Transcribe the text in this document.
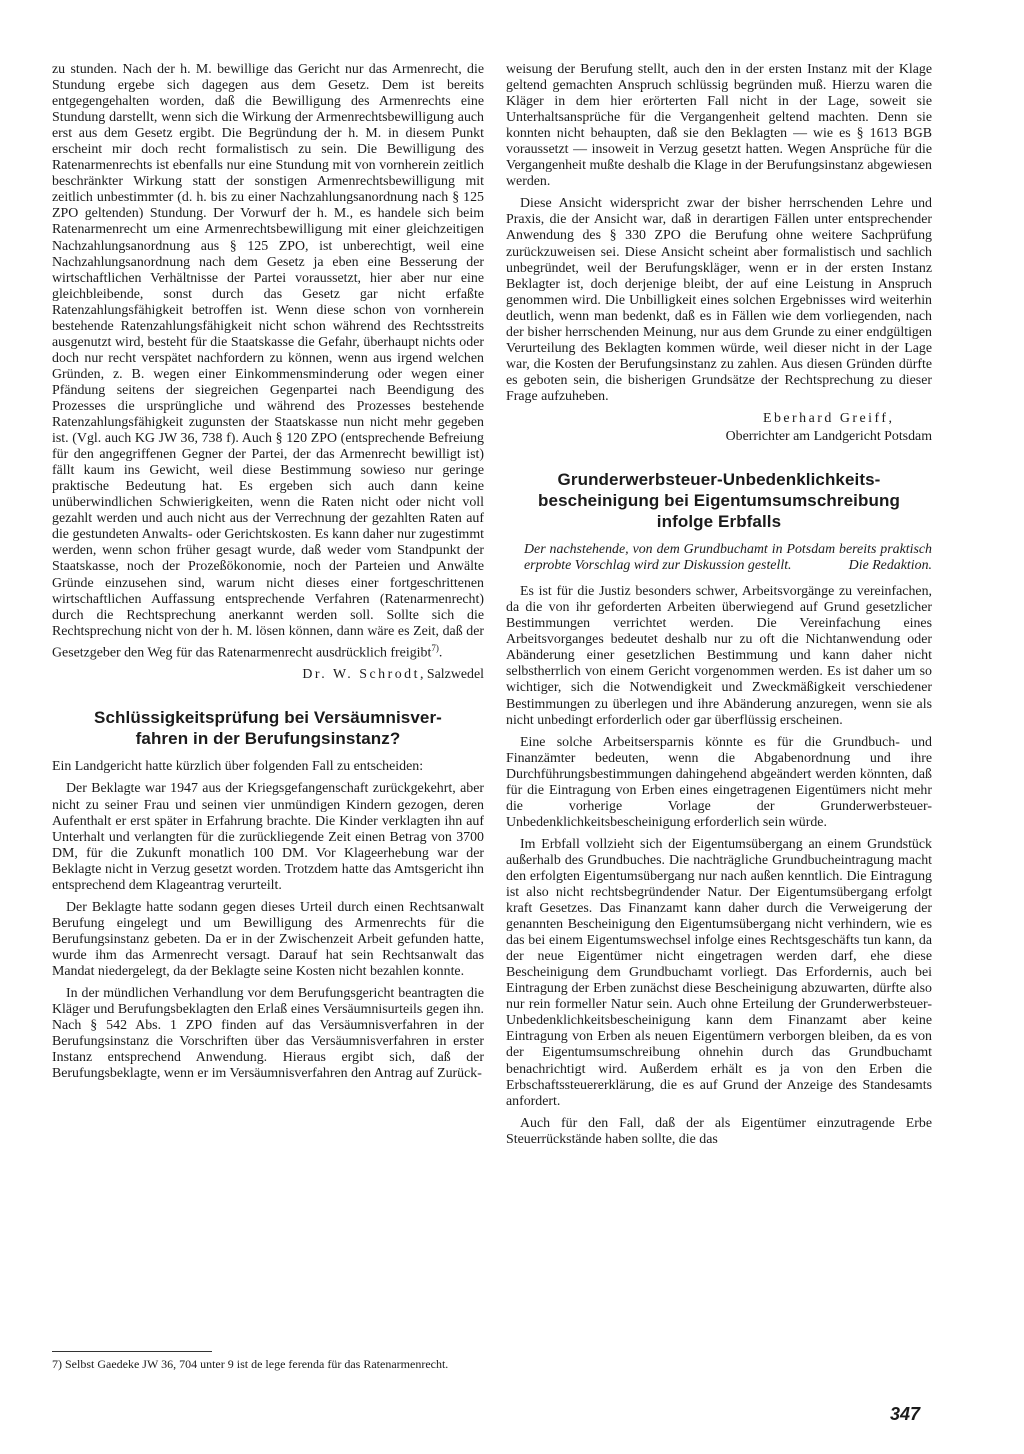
zu stunden. Nach der h. M. bewillige das Gericht nur das Armenrecht, die Stundung ergebe sich dagegen aus dem Gesetz. Dem ist bereits entgegengehalten worden, daß die Bewilligung des Armenrechts eine Stundung darstellt, wenn sich die Wirkung der Armenrechtsbewilligung auch erst aus dem Gesetz ergibt. Die Begründung der h. M. in diesem Punkt erscheint mir doch recht formalistisch zu sein. Die Bewilligung des Ratenarmenrechts ist ebenfalls nur eine Stundung mit von vornherein zeitlich beschränkter Wirkung statt der sonstigen Armenrechtsbewilligung mit zeitlich unbestimmter (d. h. bis zu einer Nachzahlungsanordnung nach § 125 ZPO geltenden) Stundung. Der Vorwurf der h. M., es handele sich beim Ratenarmenrecht um eine Armenrechtsbewilligung mit einer gleichzeitigen Nachzahlungsanordnung aus § 125 ZPO, ist unberechtigt, weil eine Nachzahlungsanordnung nach dem Gesetz ja eben eine Besserung der wirtschaftlichen Verhältnisse der Partei voraussetzt, hier aber nur eine gleichbleibende, sonst durch das Gesetz gar nicht erfaßte Ratenzahlungsfähigkeit betroffen ist. Wenn diese schon von vornherein bestehende Ratenzahlungsfähigkeit nicht schon während des Rechtsstreits ausgenutzt wird, besteht für die Staatskasse die Gefahr, überhaupt nichts oder doch nur recht verspätet nachfordern zu können, wenn aus irgend welchen Gründen, z. B. wegen einer Einkommensminderung oder wegen einer Pfändung seitens der siegreichen Gegenpartei nach Beendigung des Prozesses die ursprüngliche und während des Prozesses bestehende Ratenzahlungsfähigkeit zugunsten der Staatskasse nun nicht mehr gegeben ist. (Vgl. auch KG JW 36, 738 f). Auch § 120 ZPO (entsprechende Befreiung für den angegriffenen Gegner der Partei, der das Armenrecht bewilligt ist) fällt kaum ins Gewicht, weil diese Bestimmung sowieso nur geringe praktische Bedeutung hat. Es ergeben sich auch dann keine unüberwindlichen Schwierigkeiten, wenn die Raten nicht oder nicht voll gezahlt werden und auch nicht aus der Verrechnung der gezahlten Raten auf die gestundeten Anwalts- oder Gerichtskosten. Es kann daher nur zugestimmt werden, wenn schon früher gesagt wurde, daß weder vom Standpunkt der Staatskasse, noch der Prozeßökonomie, noch der Parteien und Anwälte Gründe einzusehen sind, warum nicht dieses einer fortgeschrittenen wirtschaftlichen Auffassung entsprechende Verfahren (Ratenarmenrecht) durch die Rechtsprechung anerkannt werden soll. Sollte sich die Rechtsprechung nicht von der h. M. lösen können, dann wäre es Zeit, daß der Gesetzgeber den Weg für das Ratenarmenrecht ausdrücklich freigibt$^{7)}$.

Dr. W. Schrodt, Salzwedel
Schlüssigkeitsprüfung bei Versäumnisver-
fahren in der Berufungsinstanz?

Ein Landgericht hatte kürzlich über folgenden Fall zu entscheiden:

Der Beklagte war 1947 aus der Kriegsgefangenschaft zurückgekehrt, aber nicht zu seiner Frau und seinen vier unmündigen Kindern gezogen, deren Aufenthalt er erst später in Erfahrung brachte. Die Kinder verklagten ihn auf Unterhalt und verlangten für die zurückliegende Zeit einen Betrag von 3700 DM, für die Zukunft monatlich 100 DM. Vor Klageerhebung war der Beklagte nicht in Verzug gesetzt worden. Trotzdem hatte das Amtsgericht ihn entsprechend dem Klageantrag verurteilt.

Der Beklagte hatte sodann gegen dieses Urteil durch einen Rechtsanwalt Berufung eingelegt und um Bewilligung des Armenrechts für die Berufungsinstanz gebeten. Da er in der Zwischenzeit Arbeit gefunden hatte, wurde ihm das Armenrecht versagt. Darauf hat sein Rechtsanwalt das Mandat niedergelegt, da der Beklagte seine Kosten nicht bezahlen konnte.

In der mündlichen Verhandlung vor dem Berufungsgericht beantragten die Kläger und Berufungsbeklagten den Erlaß eines Versäumnisurteils gegen ihn. Nach § 542 Abs. 1 ZPO finden auf das Versäumnisverfahren in der Berufungsinstanz die Vorschriften über das Versäumnisverfahren in erster Instanz entsprechend Anwendung. Hieraus ergibt sich, daß der Berufungsbeklagte, wenn er im Versäumnisverfahren den Antrag auf Zurück-

7) Selbst Gaedeke JW 36, 704 unter 9 ist de lege ferenda für das Ratenarmenrecht.

weisung der Berufung stellt, auch den in der ersten Instanz mit der Klage geltend gemachten Anspruch schlüssig begründen muß. Hierzu waren die Kläger in dem hier erörterten Fall nicht in der Lage, soweit sie Unterhaltsansprüche für die Vergangenheit geltend machten. Denn sie konnten nicht behaupten, daß sie den Beklagten — wie es § 1613 BGB voraussetzt — insoweit in Verzug gesetzt hatten. Wegen Ansprüche für die Vergangenheit mußte deshalb die Klage in der Berufungsinstanz abgewiesen werden.

Diese Ansicht widerspricht zwar der bisher herrschenden Lehre und Praxis, die der Ansicht war, daß in derartigen Fällen unter entsprechender Anwendung des § 330 ZPO die Berufung ohne weitere Sachprüfung zurückzuweisen sei. Diese Ansicht scheint aber formalistisch und sachlich unbegründet, weil der Berufungskläger, wenn er in der ersten Instanz Beklagter ist, doch derjenige bleibt, der auf eine Leistung in Anspruch genommen wird. Die Unbilligkeit eines solchen Ergebnisses wird weiterhin deutlich, wenn man bedenkt, daß es in Fällen wie dem vorliegenden, nach der bisher herrschenden Meinung, nur aus dem Grunde zu einer endgültigen Verurteilung des Beklagten kommen würde, weil dieser nicht in der Lage war, die Kosten der Berufungsinstanz zu zahlen. Aus diesen Gründen dürfte es geboten sein, die bisherigen Grundsätze der Rechtsprechung zu dieser Frage aufzuheben.

Eberhard Greiff,
Oberrichter am Landgericht Potsdam
Grunderwerbsteuer-Unbedenklichkeits-
bescheinigung bei Eigentumsumschreibung
infolge Erbfalls
Der nachstehende, von dem Grundbuchamt in Potsdam bereits praktisch erprobte Vorschlag wird zur Diskussion gestellt.	Die Redaktion.

Es ist für die Justiz besonders schwer, Arbeitsvorgänge zu vereinfachen, da die von ihr geforderten Arbeiten überwiegend auf Grund gesetzlicher Bestimmungen verrichtet werden. Die Vereinfachung eines Arbeitsvorganges bedeutet deshalb nur zu oft die Nichtanwendung oder Abänderung einer gesetzlichen Bestimmung und kann daher nicht selbstherrlich von einem Gericht vorgenommen werden. Es ist daher um so wichtiger, sich die Notwendigkeit und Zweckmäßigkeit verschiedener Bestimmungen zu überlegen und ihre Abänderung anzuregen, wenn sie als nicht unbedingt erforderlich oder gar überflüssig erscheinen.

Eine solche Arbeitsersparnis könnte es für die Grundbuch- und Finanzämter bedeuten, wenn die Abgabenordnung und ihre Durchführungsbestimmungen dahingehend abgeändert werden könnten, daß für die Eintragung von Erben eines eingetragenen Eigentümers nicht mehr die vorherige Vorlage der Grunderwerbsteuer-Unbedenklichkeitsbescheinigung erforderlich sein würde.

Im Erbfall vollzieht sich der Eigentumsübergang an einem Grundstück außerhalb des Grundbuches. Die nachträgliche Grundbucheintragung macht den erfolgten Eigentumsübergang nur nach außen kenntlich. Die Eintragung ist also nicht rechtsbegründender Natur. Der Eigentumsübergang erfolgt kraft Gesetzes. Das Finanzamt kann daher durch die Verweigerung der genannten Bescheinigung den Eigentumsübergang nicht verhindern, wie es das bei einem Eigentumswechsel infolge eines Rechtsgeschäfts tun kann, da der neue Eigentümer nicht eingetragen werden darf, ehe diese Bescheinigung dem Grundbuchamt vorliegt. Das Erfordernis, auch bei Eintragung der Erben zunächst diese Bescheinigung abzuwarten, dürfte also nur rein formeller Natur sein. Auch ohne Erteilung der Grunderwerbsteuer-Unbedenklichkeitsbescheinigung kann dem Finanzamt aber keine Eintragung von Erben als neuen Eigentümern verborgen bleiben, da es von der Eigentumsumschreibung ohnehin durch das Grundbuchamt benachrichtigt wird. Außerdem erhält es ja von den Erben die Erbschaftssteuererklärung, die es auf Grund der Anzeige des Standesamts anfordert.

Auch für den Fall, daß der als Eigentümer einzutragende Erbe Steuerrückstände haben sollte, die das

347
